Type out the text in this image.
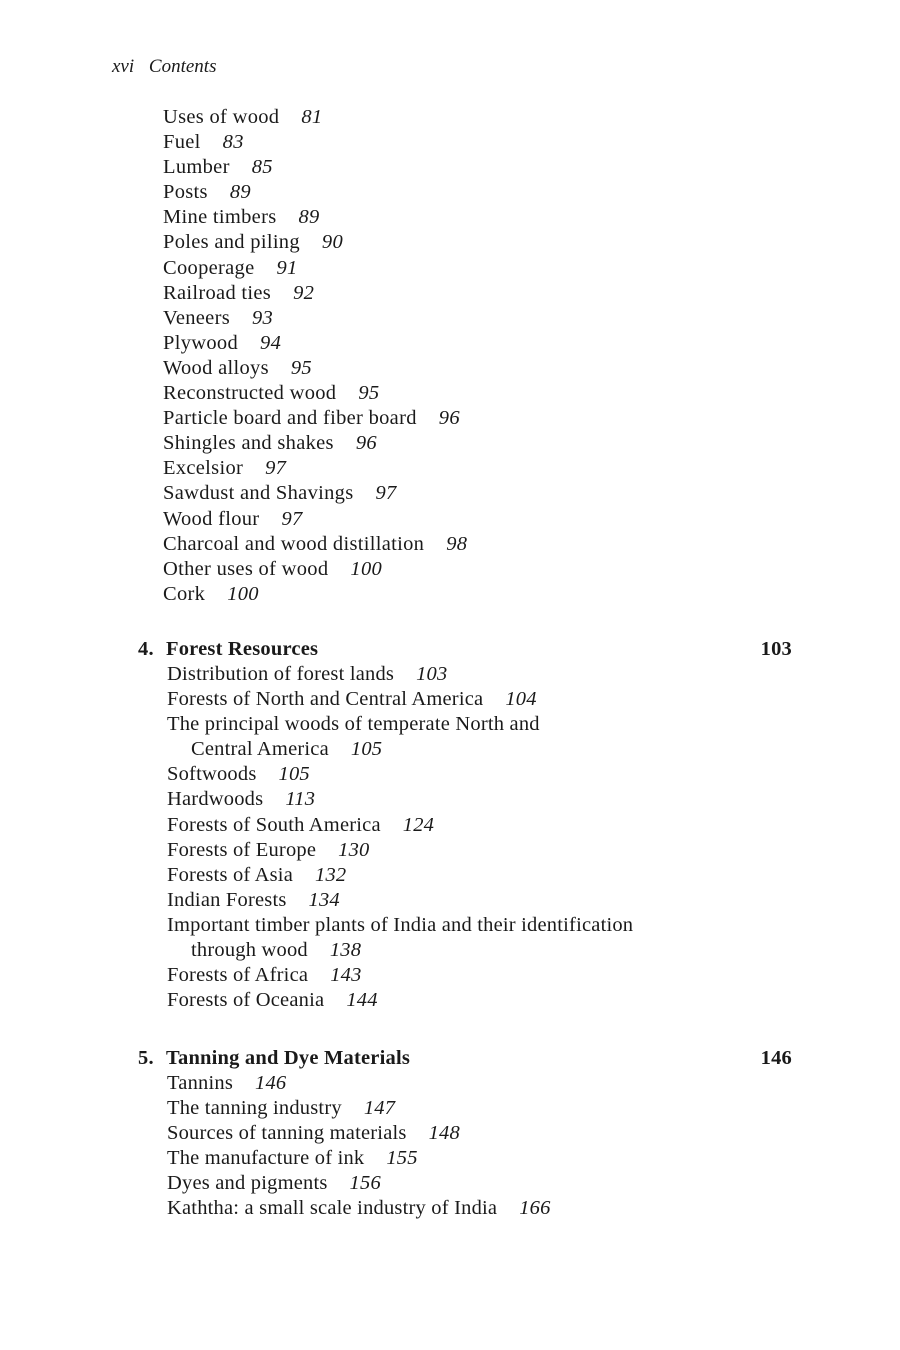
xvi Contents
Uses of wood 81
Fuel 83
Lumber 85
Posts 89
Mine timbers 89
Poles and piling 90
Cooperage 91
Railroad ties 92
Veneers 93
Plywood 94
Wood alloys 95
Reconstructed wood 95
Particle board and fiber board 96
Shingles and shakes 96
Excelsior 97
Sawdust and Shavings 97
Wood flour 97
Charcoal and wood distillation 98
Other uses of wood 100
Cork 100
4. Forest Resources	103
Distribution of forest lands 103
Forests of North and Central America 104
The principal woods of temperate North and
Central America 105
Softwoods 105
Hardwoods 113
Forests of South America 124
Forests of Europe 130
Forests of Asia 132
Indian Forests 134
Important timber plants of India and their identification
through wood 138
Forests of Africa 143
Forests of Oceania 144
5. Tanning and Dye Materials	146
Tannins 146
The tanning industry 147
Sources of tanning materials 148
The manufacture of ink 155
Dyes and pigments 156
Kaththa: a small scale industry of India 166
